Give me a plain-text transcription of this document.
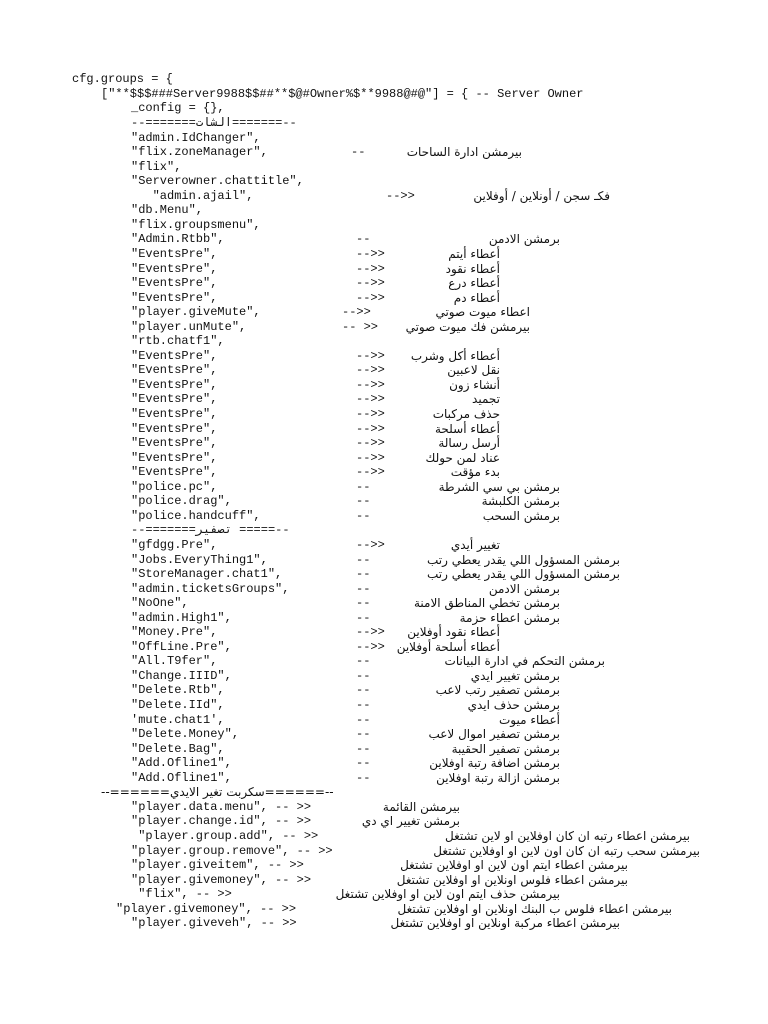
cfg.groups = {
["**$$$###Server9988$$##**$@#Owner%$**9988@#@"] = { -- Server Owner
_config = {},
--=======الشات=======--
"admin.IdChanger",
"flix.zoneManager",	--	بيرمشن ادارة الساحات
"flix",
"Serverowner.chattitle",
"admin.ajail",	-->>	فكـ سجن / أونلاين / أوفلاين
"db.Menu",
"flix.groupsmenu",
"Admin.Rtbb",	--	برمشن الادمن
"EventsPre",	-->>	أعطاء أيتم
"EventsPre",	-->>	أعطاء نقود
"EventsPre",	-->>	أعطاء درع
"EventsPre",	-->>	أعطاء دم
"player.giveMute",	-->>	اعطاء ميوت صوتي
"player.unMute",	-- >> بيرمشن فك ميوت صوتي
"rtb.chatf1",
"EventsPre",	-->> أعطاء أكل وشرب
"EventsPre",	-->>	نقل لاعبين
"EventsPre",	-->>	أنشاء زون
"EventsPre",	-->>	تجميد
"EventsPre",	-->>	حذف مركبات
"EventsPre",	-->>	أعطاء أسلحة
"EventsPre",	-->>	أرسل رسالة
"EventsPre",	-->>	عناد لمن حولك
"EventsPre",	-->>	بدء مؤقت
"police.pc",	--	برمشن بي سي الشرطة
"police.drag",	--	برمشن الكلبشة
"police.handcuff",	--	برمشن السحب
--=======تصفير =====--
"gfdgg.Pre",	-->>	تغيير أيدي
"Jobs.EveryThing1",	--	برمشن المسؤول اللي يقدر يعطي رتب
"StoreManager.chat1",	--	برمشن المسؤول اللي يقدر يعطي رتب
"admin.ticketsGroups",	--	برمشن الادمن
"NoOne",	--	برمشن تخطي المناطق الامنة
"admin.High1",	--	برمشن اعطاء حزمة
"Money.Pre",	-->> أعطاء نقود أوفلاين
"OffLine.Pre",	-->> أعطاء أسلحة أوفلاين
"All.T9fer",	--	برمشن التحكم في ادارة البيانات
"Change.IIID",	--	برمشن تغيير ايدي
"Delete.Rtb",	--	برمشن تصفير رتب لاعب
"Delete.IId",	--	برمشن حذف ايدي
'mute.chat1',	--	أعطاء ميوت
"Delete.Money",	--	برمشن تصفير اموال لاعب
"Delete.Bag",	--	برمشن تصفير الحقيبة
"Add.Ofline1",	--	برمشن اضافة رتبة اوفلاين
"Add.Ofline1",	--	برمشن ازالة رتبة اوفلاين
--======سكربت تغير الايدي======--
"player.data.menu", -- >>	بيرمشن القائمة
"player.change.id", -- >>	برمشن تغيير اي دي
"player.group.add", -- >>	بيرمشن اعطاء رتبه ان كان اوفلاين او لاين تشتغل
"player.group.remove", -- >>	بيرمشن سحب رتبه ان كان اون لاين او اوفلاين تشتغل
"player.giveitem", -- >>	بيرمشن اعطاء ايتم اون لاين او اوفلاين تشتغل
"player.givemoney", -- >>	بيرمشن اعطاء فلوس اونلاين او اوفلاين تشتغل
"flix", -- >>	بيرمشن حذف ايتم اون لاين او اوفلاين تشتغل
"player.givemoney", -- >>	بيرمشن اعطاء فلوس ب البنك اونلاين او اوفلاين تشتغل
"player.giveveh", -- >>	بيرمشن اعطاء مركبة اونلاين او اوفلاين تشتغل
